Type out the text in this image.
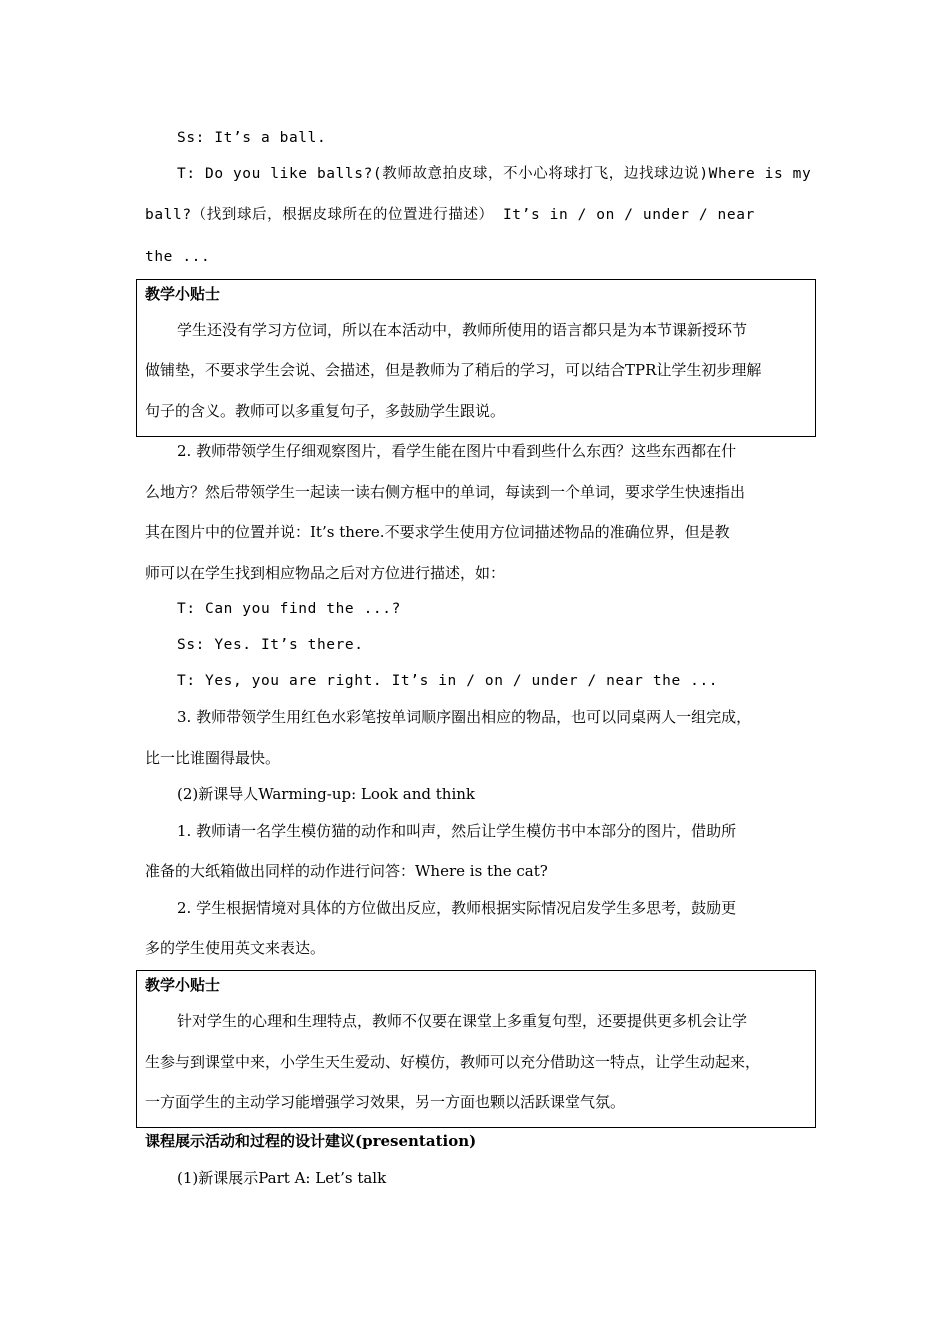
Ss: It’s a ball.
T: Do you like balls?(教师故意拍皮球，不小心将球打飞，边找球边说)Where is my
ball?（找到球后，根据皮球所在的位置进行描述） It’s in / on / under / near
the ...
教学小贴士
学生还没有学习方位词，所以在本活动中，教师所使用的语言都只是为本节课新授环节
做铺垫，不要求学生会说、会描述，但是教师为了稍后的学习，可以结合TPR让学生初步理解
句子的含义。教师可以多重复句子，多鼓励学生跟说。
2. 教师带领学生仔细观察图片，看学生能在图片中看到些什么东西？这些东西都在什
么地方？然后带领学生一起读一读右侧方框中的单词，每读到一个单词，要求学生快速指出
其在图片中的位置并说：It’s there.不要求学生使用方位词描述物品的准确位界，但是教
师可以在学生找到相应物品之后对方位进行描述，如：
T: Can you find the ...?
Ss: Yes. It’s there.
T: Yes, you are right. It’s in / on / under / near the ...
3. 教师带领学生用红色水彩笔按单词顺序圈出相应的物品，也可以同桌两人一组完成，
比一比谁圈得最快。
(2)新课导人Warming-up: Look and think
1. 教师请一名学生模仿猫的动作和叫声，然后让学生模仿书中本部分的图片，借助所
准备的大纸箱做出同样的动作进行问答：Where is the cat?
2. 学生根据情境对具体的方位做出反应，教师根据实际情况启发学生多思考，鼓励更
多的学生使用英文来表达。
教学小贴士
针对学生的心理和生理特点，教师不仅要在课堂上多重复句型，还要提供更多机会让学
生参与到课堂中来，小学生天生爱动、好模仿，教师可以充分借助这一特点，让学生动起来，
一方面学生的主动学习能增强学习效果，另一方面也颗以活跃课堂气氛。
课程展示活动和过程的设计建议(presentation)
(1)新课展示Part A: Let’s talk
